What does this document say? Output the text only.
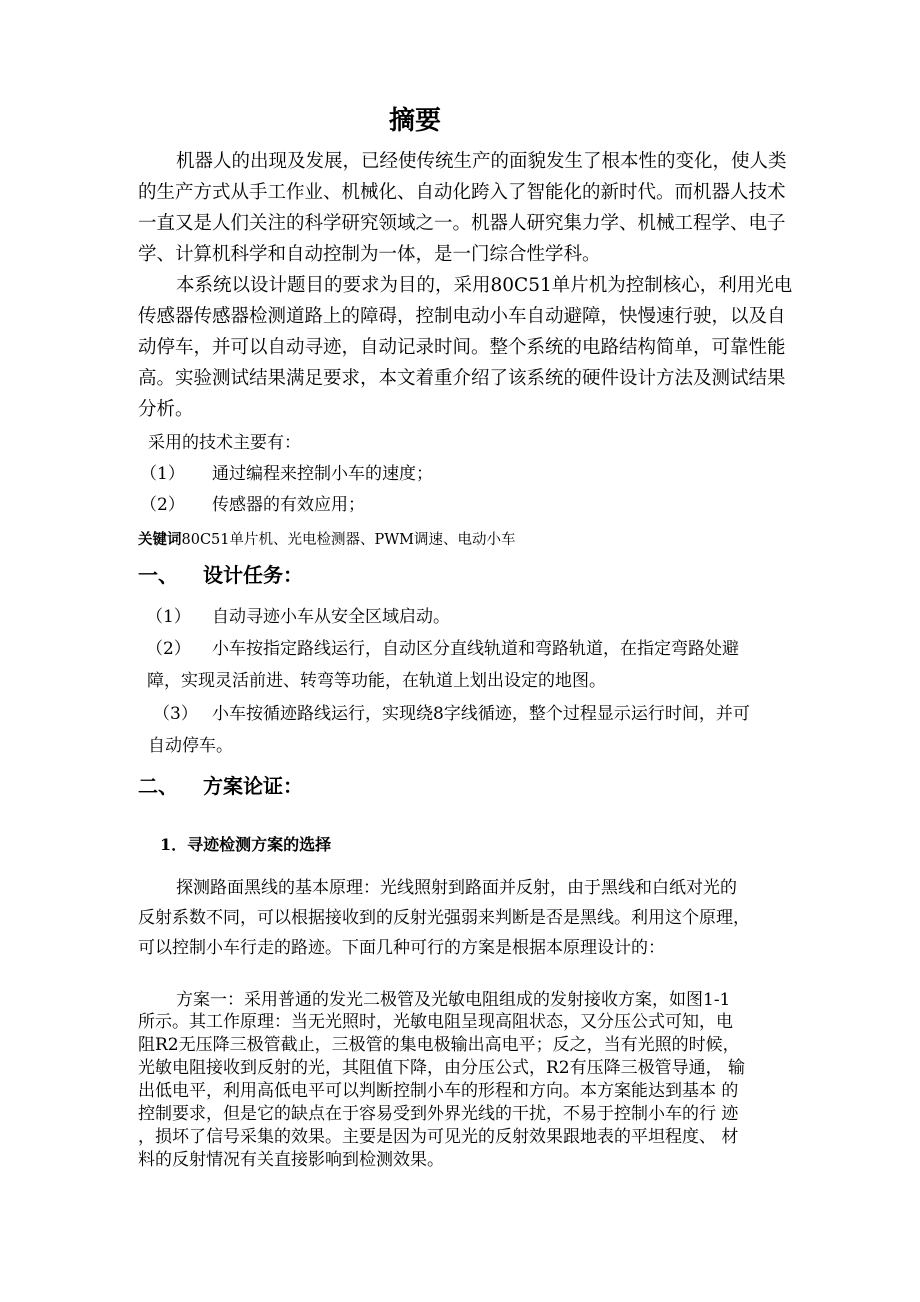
摘要
机器人的出现及发展，已经使传统生产的面貌发生了根本性的变化，使人类
的生产方式从手工作业、机械化、自动化跨入了智能化的新时代。而机器人技术
一直又是人们关注的科学研究领域之一。机器人研究集力学、机械工程学、电子
学、计算机科学和自动控制为一体，是一门综合性学科。
本系统以设计题目的要求为目的，采用80C51单片机为控制核心，利用光电
传感器传感器检测道路上的障碍，控制电动小车自动避障，快慢速行驶，以及自
动停车，并可以自动寻迹，自动记录时间。整个系统的电路结构简单，可靠性能
高。实验测试结果满足要求，本文着重介绍了该系统的硬件设计方法及测试结果
分析。
采用的技术主要有：
（1） 通过编程来控制小车的速度；
（2） 传感器的有效应用；
关键词80C51单片机、光电检测器、PWM调速、电动小车
一、 设计任务：
（1） 自动寻迹小车从安全区域启动。
（2） 小车按指定路线运行，自动区分直线轨道和弯路轨道，在指定弯路处避
障，实现灵活前进、转弯等功能，在轨道上划出设定的地图。
（3） 小车按循迹路线运行，实现绕8字线循迹，整个过程显示运行时间，并可
自动停车。
二、 方案论证：
1．寻迹检测方案的选择
探测路面黑线的基本原理：光线照射到路面并反射，由于黑线和白纸对光的
反射系数不同，可以根据接收到的反射光强弱来判断是否是黑线。利用这个原理，
可以控制小车行走的路迹。下面几种可行的方案是根据本原理设计的：
方案一：采用普通的发光二极管及光敏电阻组成的发射接收方案，如图1-1
所示。其工作原理：当无光照时，光敏电阻呈现高阻状态，又分压公式可知，电
阻R2无压降三极管截止，三极管的集电极输出高电平；反之，当有光照的时候，
光敏电阻接收到反射的光，其阻值下降，由分压公式，R2有压降三极管导通， 输
出低电平，利用高低电平可以判断控制小车的形程和方向。本方案能达到基本 的
控制要求，但是它的缺点在于容易受到外界光线的干扰，不易于控制小车的行 迹
，损坏了信号采集的效果。主要是因为可见光的反射效果跟地表的平坦程度、 材
料的反射情况有关直接影响到检测效果。
